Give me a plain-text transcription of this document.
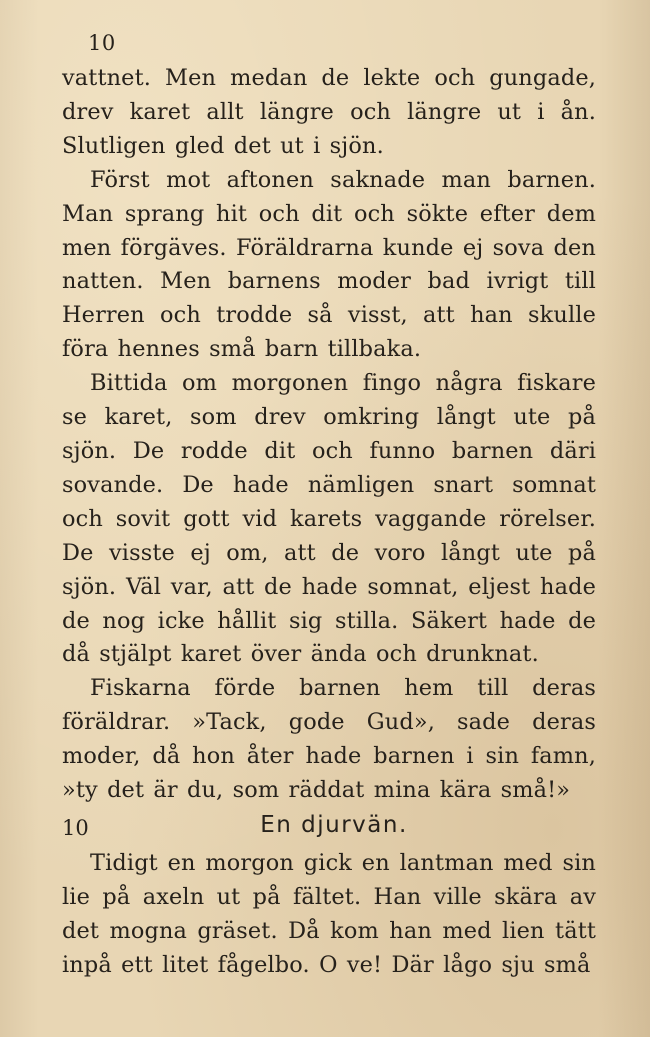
10

vattnet. Men medan de lekte och gungade, drev karet allt längre och längre ut i ån. Slutligen gled det ut i sjön.

Först mot aftonen saknade man barnen. Man sprang hit och dit och sökte efter dem men förgäves. Föräldrarna kunde ej sova den natten. Men barnens moder bad ivrigt till Herren och trodde så visst, att han skulle föra hennes små barn tillbaka.

Bittida om morgonen fingo några fiskare se karet, som drev omkring långt ute på sjön. De rodde dit och funno barnen däri sovande. De hade nämligen snart somnat och sovit gott vid karets vaggande rörelser. De visste ej om, att de voro långt ute på sjön. Väl var, att de hade somnat, eljest hade de nog icke hållit sig stilla. Säkert hade de då stjälpt karet över ända och drunknat.

Fiskarna förde barnen hem till deras föräldrar. »Tack, gode Gud», sade deras moder, då hon åter hade barnen i sin famn, »ty det är du, som räddat mina kära små!»

10	En djurvän.

Tidigt en morgon gick en lantman med sin lie på axeln ut på fältet. Han ville skära av det mogna gräset. Då kom han med lien tätt inpå ett litet fågelbo. O ve! Där lågo sju små
